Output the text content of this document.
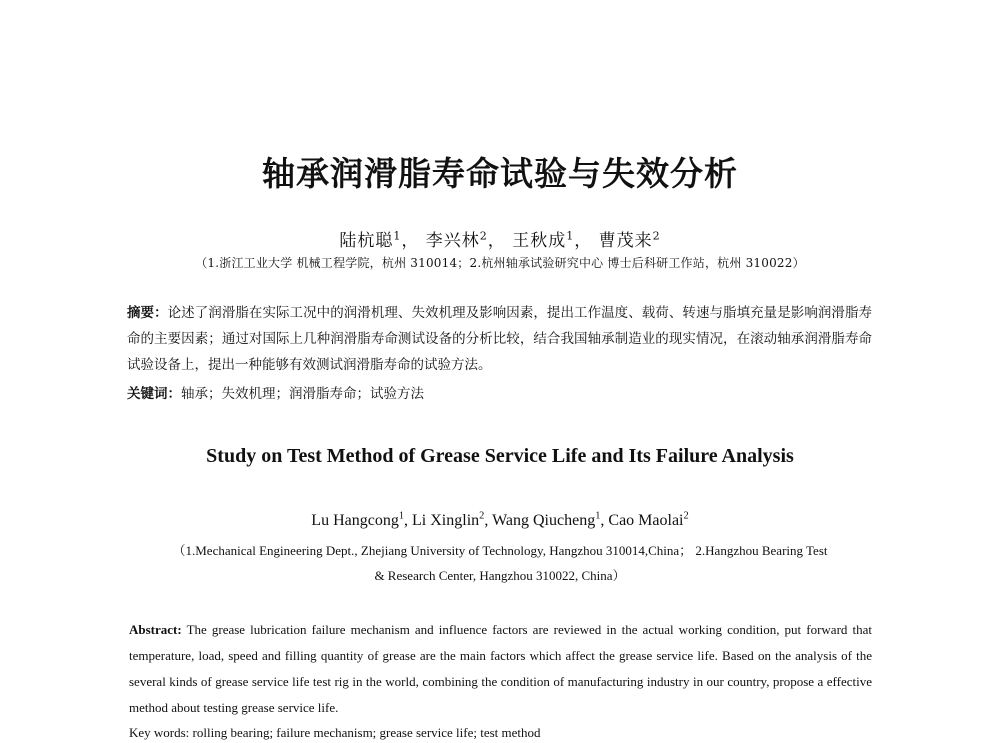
轴承润滑脂寿命试验与失效分析
陆杭聪$^1$， 李兴林$^2$， 王秋成$^1$， 曹茂来$^2$
（1.浙江工业大学 机械工程学院，杭州 310014；2.杭州轴承试验研究中心 博士后科研工作站，杭州 310022）
摘要：论述了润滑脂在实际工况中的润滑机理、失效机理及影响因素，提出工作温度、载荷、转速与脂填充量是影响润滑脂寿命的主要因素；通过对国际上几种润滑脂寿命测试设备的分析比较，结合我国轴承制造业的现实情况，在滚动轴承润滑脂寿命试验设备上，提出一种能够有效测试润滑脂寿命的试验方法。
关键词：轴承；失效机理；润滑脂寿命；试验方法
Study on Test Method of Grease Service Life and Its Failure Analysis
Lu Hangcong$^1$, Li Xinglin$^2$, Wang Qiucheng$^1$, Cao Maolai$^2$
（1.Mechanical Engineering Dept., Zhejiang University of Technology, Hangzhou 310014,China； 2.Hangzhou Bearing Test
& Research Center, Hangzhou 310022, China）
Abstract: The grease lubrication failure mechanism and influence factors are reviewed in the actual working condition, put forward that temperature, load, speed and filling quantity of grease are the main factors which affect the grease service life. Based on the analysis of the several kinds of grease service life test rig in the world, combining the condition of manufacturing industry in our country, propose a effective method about testing grease service life.
Key words: rolling bearing; failure mechanism; grease service life; test method
